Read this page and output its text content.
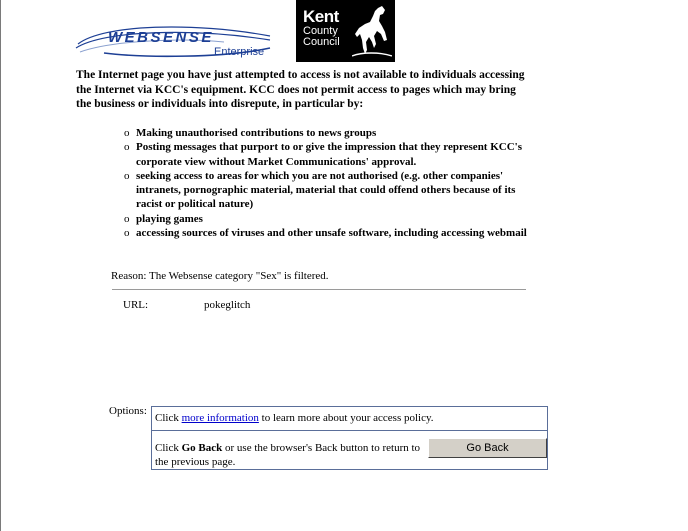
WEBSENSE
Enterprise
Kent
County
Council
The Internet page you have just attempted to access is not available to individuals accessing the Internet via KCC's equipment. KCC does not permit access to pages which may bring the business or individuals into disrepute, in particular by:
o Making unauthorised contributions to news groups
o Posting messages that purport to or give the impression that they represent KCC's corporate view without Market Communications' approval.
o seeking access to areas for which you are not authorised (e.g. other companies' intranets, pornographic material, material that could offend others because of its racist or political nature)
o playing games
o accessing sources of viruses and other unsafe software, including accessing webmail
Reason: The Websense category "Sex" is filtered.
URL:	pokeglitch
Options:
Click more information to learn more about your access policy.
Click Go Back or use the browser's Back button to return to the previous page.
Go Back
